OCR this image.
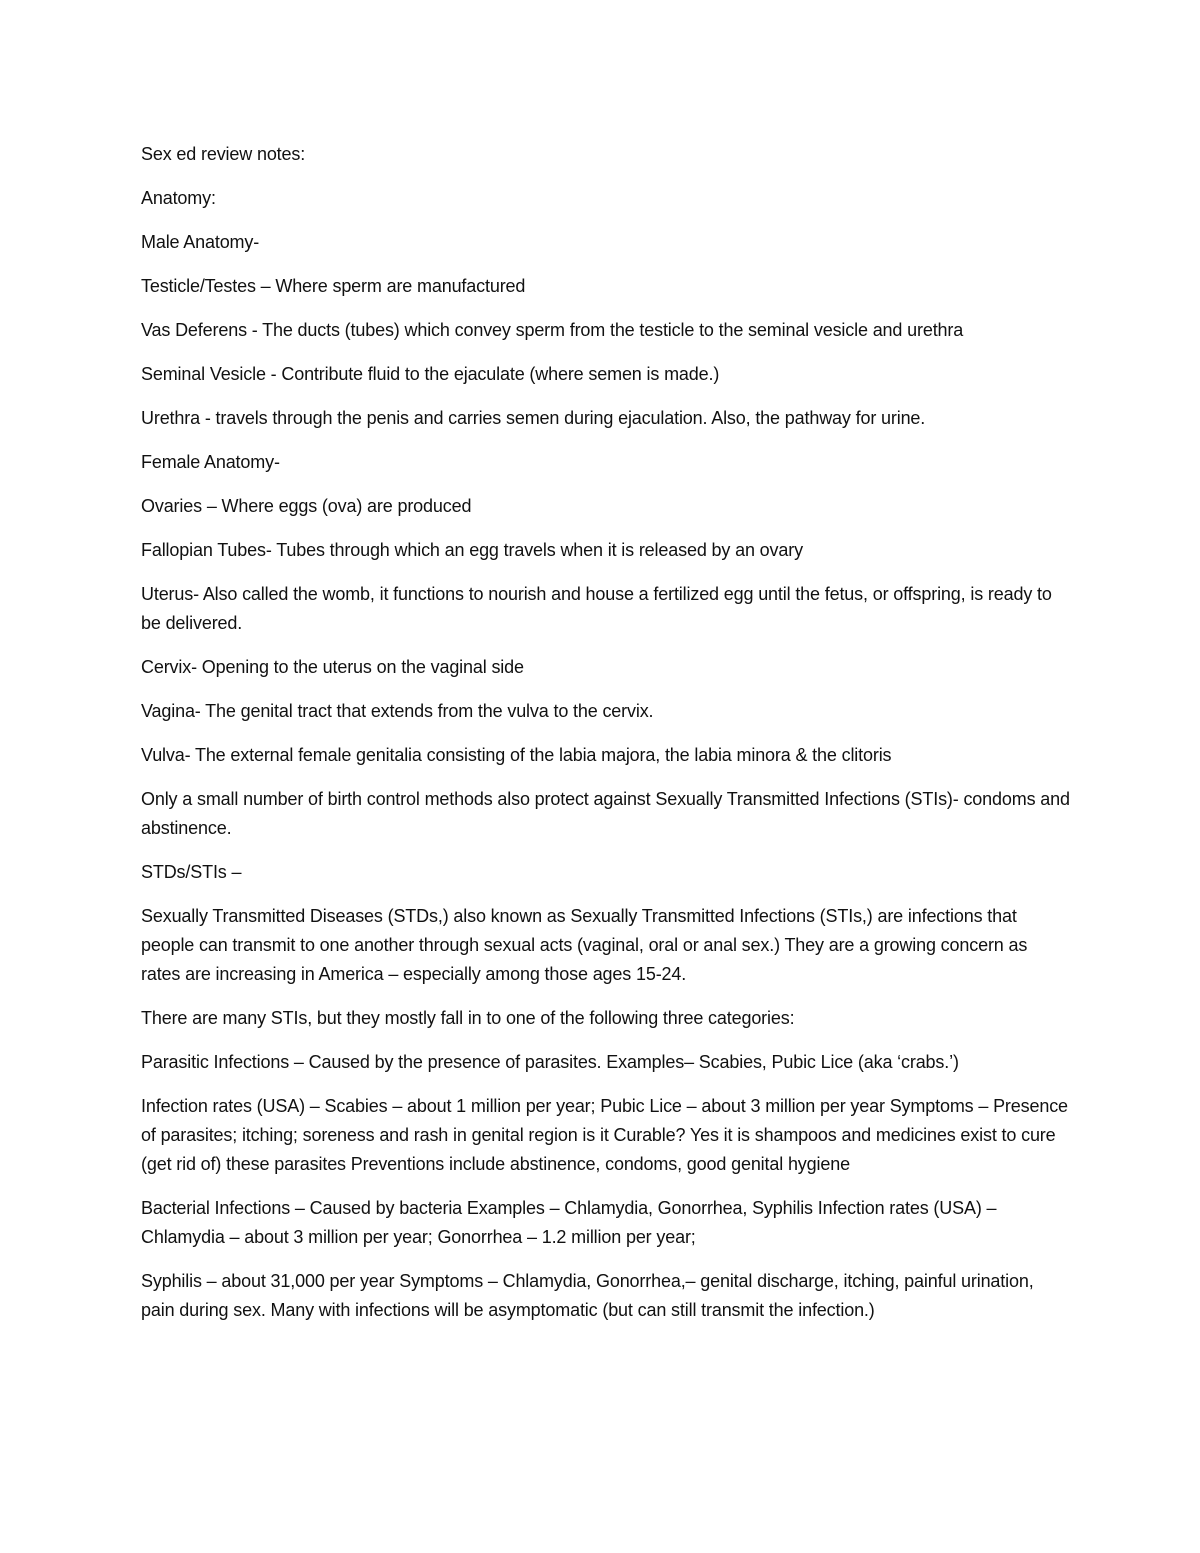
Sex ed review notes:

Anatomy:

Male Anatomy-

Testicle/Testes – Where sperm are manufactured

Vas Deferens - The ducts (tubes) which convey sperm from the testicle to the seminal vesicle and urethra

Seminal Vesicle - Contribute fluid to the ejaculate (where semen is made.)

Urethra - travels through the penis and carries semen during ejaculation. Also, the pathway for urine.

Female Anatomy-

Ovaries – Where eggs (ova) are produced

Fallopian Tubes- Tubes through which an egg travels when it is released by an ovary

Uterus- Also called the womb, it functions to nourish and house a fertilized egg until the fetus, or offspring, is ready to be delivered.

Cervix- Opening to the uterus on the vaginal side

Vagina- The genital tract that extends from the vulva to the cervix.

Vulva- The external female genitalia consisting of the labia majora, the labia minora & the clitoris

Only a small number of birth control methods also protect against Sexually Transmitted Infections (STIs)- condoms and abstinence.

STDs/STIs –

Sexually Transmitted Diseases (STDs,) also known as Sexually Transmitted Infections (STIs,) are infections that people can transmit to one another through sexual acts (vaginal, oral or anal sex.) They are a growing concern as rates are increasing in America – especially among those ages 15-24.

There are many STIs, but they mostly fall in to one of the following three categories:

Parasitic Infections – Caused by the presence of parasites. Examples– Scabies, Pubic Lice (aka ‘crabs.’)

Infection rates (USA) – Scabies – about 1 million per year; Pubic Lice – about 3 million per year Symptoms – Presence of parasites; itching; soreness and rash in genital region is it Curable? Yes it is shampoos and medicines exist to cure (get rid of) these parasites Preventions include abstinence, condoms, good genital hygiene

Bacterial Infections – Caused by bacteria Examples – Chlamydia, Gonorrhea, Syphilis Infection rates (USA) – Chlamydia – about 3 million per year; Gonorrhea – 1.2 million per year;

Syphilis – about 31,000 per year Symptoms – Chlamydia, Gonorrhea,– genital discharge, itching, painful urination, pain during sex. Many with infections will be asymptomatic (but can still transmit the infection.)
